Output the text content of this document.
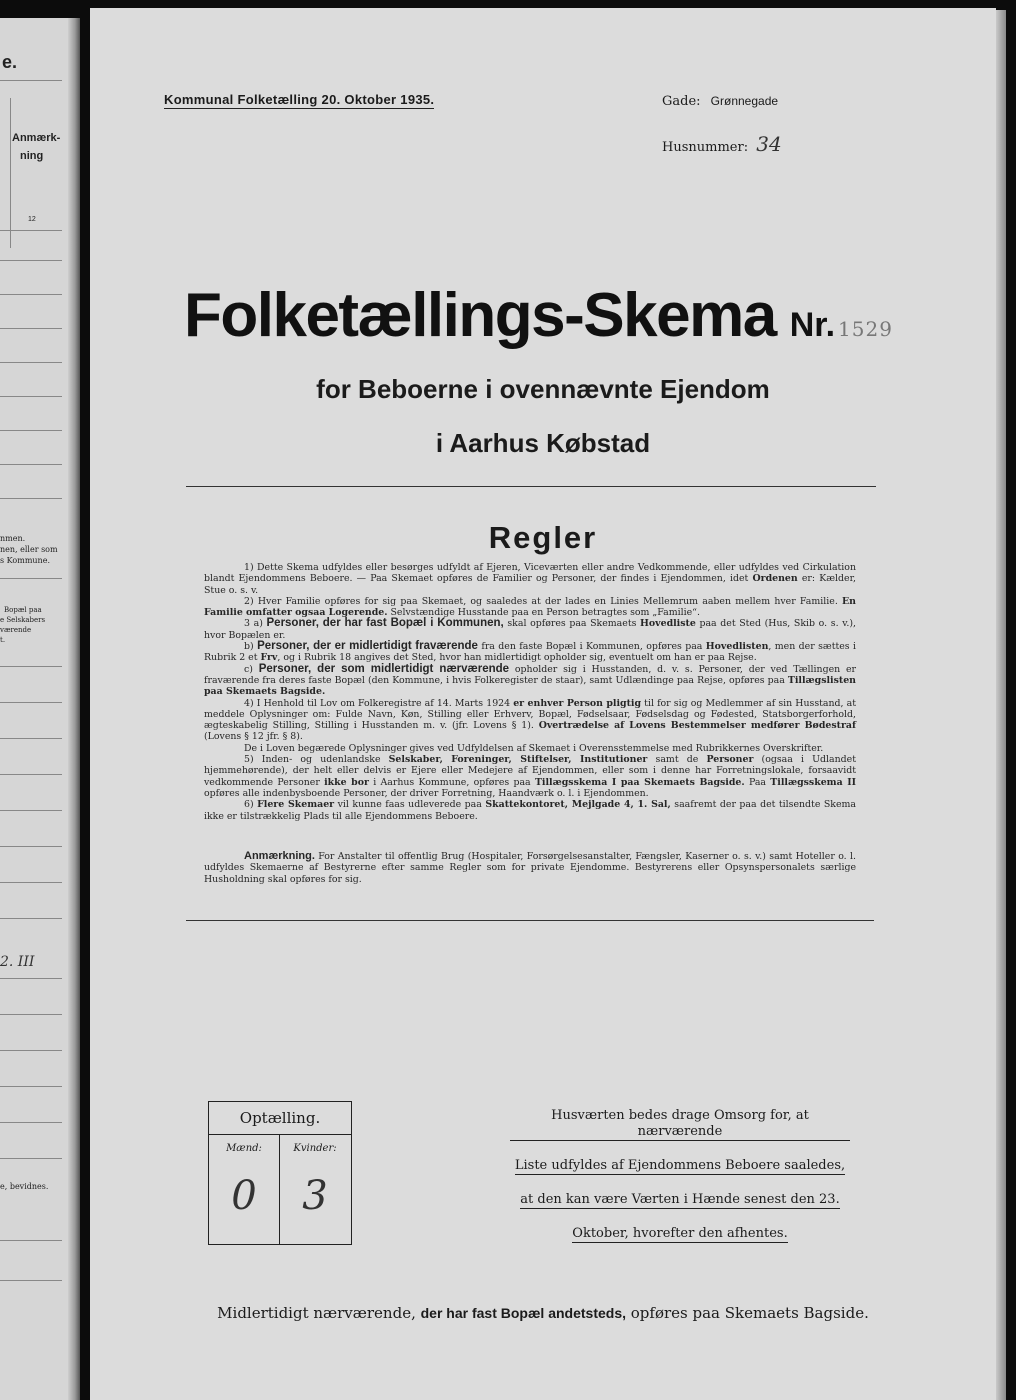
e.
Anmærk-
ning
12
nmen.
nen, eller som
s Kommune.
Bopæl paa
e Selskabers
værende
t.
2. III
e, bevidnes.
Kommunal Folketælling 20. Oktober 1935.	Gade: Grønnegade
Husnummer: 34
Folketællings-Skema Nr. 1529
for Beboerne i ovennævnte Ejendom
i Aarhus Købstad
Regler

1) Dette Skema udfyldes eller besørges udfyldt af Ejeren, Viceværten eller andre Vedkommende, eller udfyldes ved Cirkulation blandt Ejendommens Beboere. — Paa Skemaet opføres de Familier og Personer, der findes i Ejendommen, idet Ordenen er: Kælder, Stue o. s. v.

2) Hver Familie opføres for sig paa Skemaet, og saaledes at der lades en Linies Mellemrum aaben mellem hver Familie. En Familie omfatter ogsaa Logerende. Selvstændige Husstande paa en Person betragtes som „Familie“.

3 a) Personer, der har fast Bopæl i Kommunen, skal opføres paa Skemaets Hovedliste paa det Sted (Hus, Skib o. s. v.), hvor Bopælen er.

b) Personer, der er midlertidigt fraværende fra den faste Bopæl i Kommunen, opføres paa Hovedlisten, men der sættes i Rubrik 2 et Frv, og i Rubrik 18 angives det Sted, hvor han midlertidigt opholder sig, eventuelt om han er paa Rejse.

c) Personer, der som midlertidigt nærværende opholder sig i Husstanden, d. v. s. Personer, der ved Tællingen er fraværende fra deres faste Bopæl (den Kommune, i hvis Folkeregister de staar), samt Udlændinge paa Rejse, opføres paa Tillægslisten paa Skemaets Bagside.

4) I Henhold til Lov om Folkeregistre af 14. Marts 1924 er enhver Person pligtig til for sig og Medlemmer af sin Husstand, at meddele Oplysninger om: Fulde Navn, Køn, Stilling eller Erhverv, Bopæl, Fødselsaar, Fødselsdag og Fødested, Statsborgerforhold, ægteskabelig Stilling, Stilling i Husstanden m. v. (jfr. Lovens § 1). Overtrædelse af Lovens Bestemmelser medfører Bødestraf (Lovens § 12 jfr. § 8).

De i Loven begærede Oplysninger gives ved Udfyldelsen af Skemaet i Overensstemmelse med Rubrikkernes Overskrifter.

5) Inden- og udenlandske Selskaber, Foreninger, Stiftelser, Institutioner samt de Personer (ogsaa i Udlandet hjemmehørende), der helt eller delvis er Ejere eller Medejere af Ejendommen, eller som i denne har Forretningslokale, forsaavidt vedkommende Personer ikke bor i Aarhus Kommune, opføres paa Tillægsskema I paa Skemaets Bagside. Paa Tillægsskema II opføres alle indenbysboende Personer, der driver Forretning, Haandværk o. l. i Ejendommen.

6) Flere Skemaer vil kunne faas udleverede paa Skattekontoret, Mejlgade 4, 1. Sal, saafremt der paa det tilsendte Skema ikke er tilstrækkelig Plads til alle Ejendommens Beboere.

Anmærkning. For Anstalter til offentlig Brug (Hospitaler, Forsørgelsesanstalter, Fængsler, Kaserner o. s. v.) samt Hoteller o. l. udfyldes Skemaerne af Bestyrerne efter samme Regler som for private Ejendomme. Bestyrerens eller Opsynspersonalets særlige Husholdning skal opføres for sig.

Optælling.
Mænd:
0
Kvinder:
3
Husværten bedes drage Omsorg for, at nærværende
Liste udfyldes af Ejendommens Beboere saaledes,
at den kan være Værten i Hænde senest den 23.
Oktober, hvorefter den afhentes.
Midlertidigt nærværende, der har fast Bopæl andetsteds, opføres paa Skemaets Bagside.
